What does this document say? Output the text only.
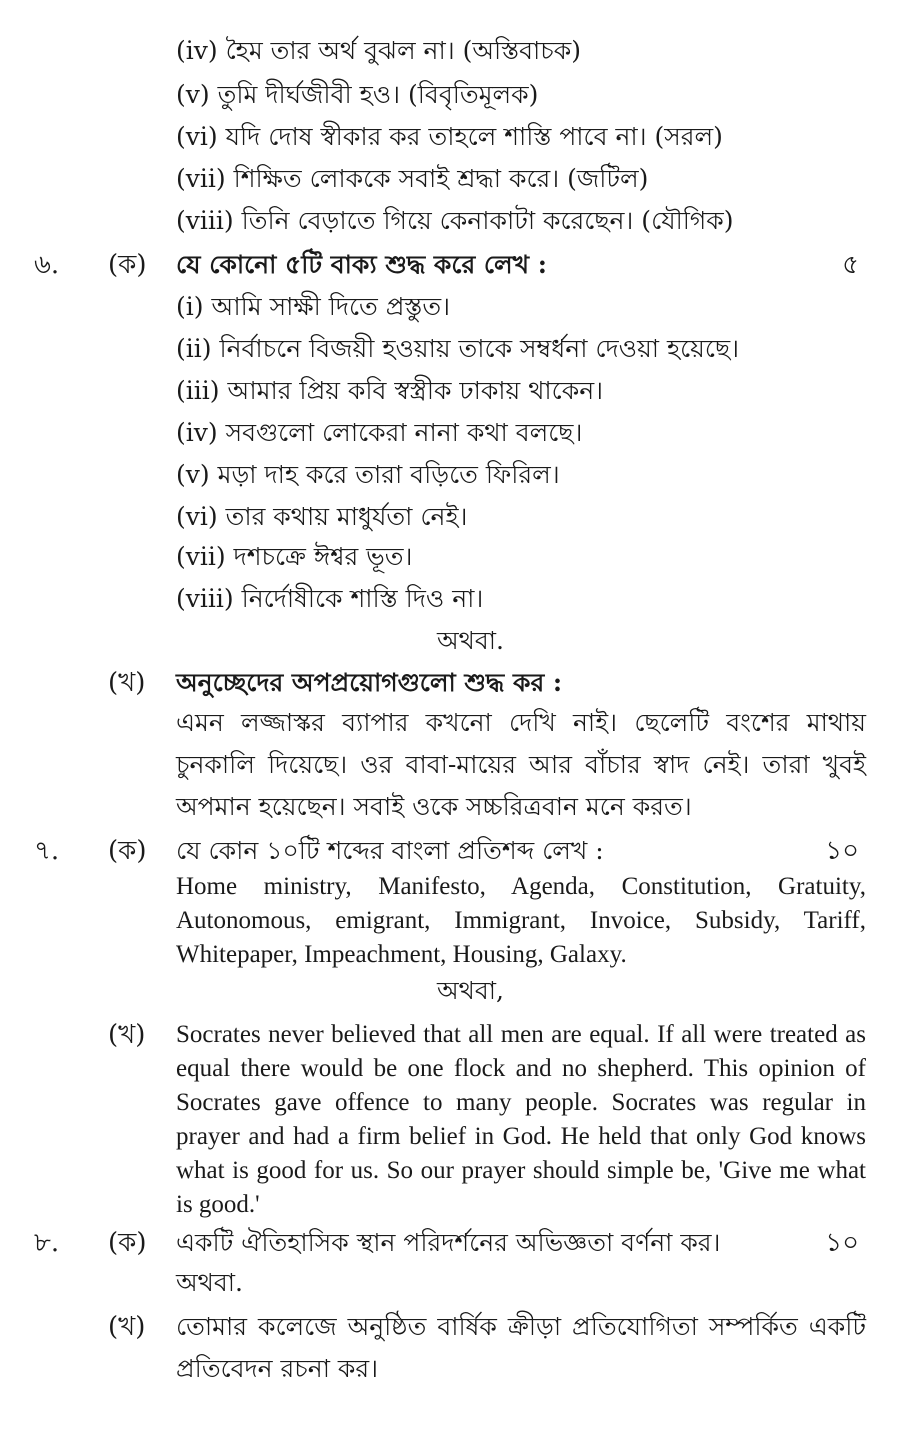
(iv) হৈম তার অর্থ বুঝল না। (অস্তিবাচক)
(v) তুমি দীর্ঘজীবী হও। (বিবৃতিমূলক)
(vi) যদি দোষ স্বীকার কর তাহলে শাস্তি পাবে না। (সরল)
(vii) শিক্ষিত লোককে সবাই শ্রদ্ধা করে। (জটিল)
(viii) তিনি বেড়াতে গিয়ে কেনাকাটা করেছেন। (যৌগিক)
৬. (ক) যে কোনো ৫টি বাক্য শুদ্ধ করে লেখ :	৫
(i) আমি সাক্ষী দিতে প্রস্তুত।
(ii) নির্বাচনে বিজয়ী হওয়ায় তাকে সম্বর্ধনা দেওয়া হয়েছে।
(iii) আমার প্রিয় কবি স্বস্ত্রীক ঢাকায় থাকেন।
(iv) সবগুলো লোকেরা নানা কথা বলছে।
(v) মড়া দাহ করে তারা বড়িতে ফিরিল।
(vi) তার কথায় মাধুর্যতা নেই।
(vii) দশচক্রে ঈশ্বর ভূত।
(viii) নির্দোষীকে শাস্তি দিও না।
অথবা.
(খ) অনুচ্ছেদের অপপ্রয়োগগুলো শুদ্ধ কর :
এমন লজ্জাস্কর ব্যাপার কখনো দেখি নাই। ছেলেটি বংশের মাথায় চুনকালি দিয়েছে। ওর বাবা-মায়ের আর বাঁচার স্বাদ নেই। তারা খুবই অপমান হয়েছেন। সবাই ওকে সচ্চরিত্রবান মনে করত।
৭. (ক) যে কোন ১০টি শব্দের বাংলা প্রতিশব্দ লেখ :	১০
Home ministry, Manifesto, Agenda, Constitution, Gratuity, Autonomous, emigrant, Immigrant, Invoice, Subsidy, Tariff, Whitepaper, Impeachment, Housing, Galaxy.
অথবা,
(খ) Socrates never believed that all men are equal. If all were treated as equal there would be one flock and no shepherd. This opinion of Socrates gave offence to many people. Socrates was regular in prayer and had a firm belief in God. He held that only God knows what is good for us. So our prayer should simple be, 'Give me what is good.'
৮. (ক) একটি ঐতিহাসিক স্থান পরিদর্শনের অভিজ্ঞতা বর্ণনা কর।	১০
অথবা.
(খ) তোমার কলেজে অনুষ্ঠিত বার্ষিক ক্রীড়া প্রতিযোগিতা সম্পর্কিত একটি প্রতিবেদন রচনা কর।
